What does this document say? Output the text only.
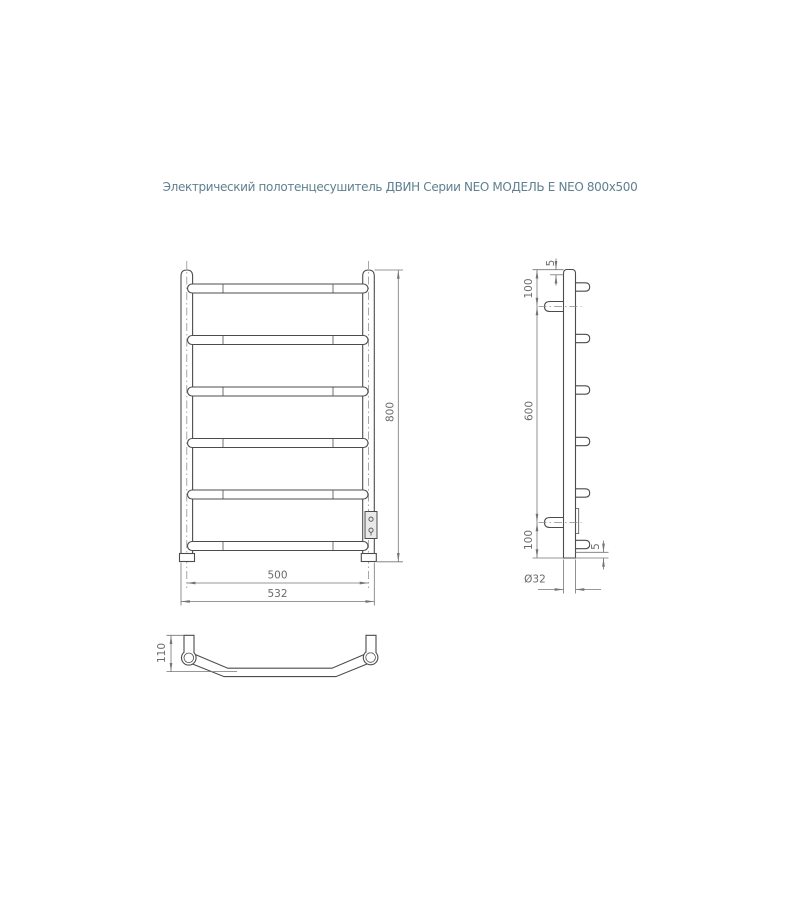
Электрический полотенцесушитель ДВИН Серии NEO МОДЕЛЬ E NEO 800x500
800
500
532
100
600
100
5
5
Ø32
110
